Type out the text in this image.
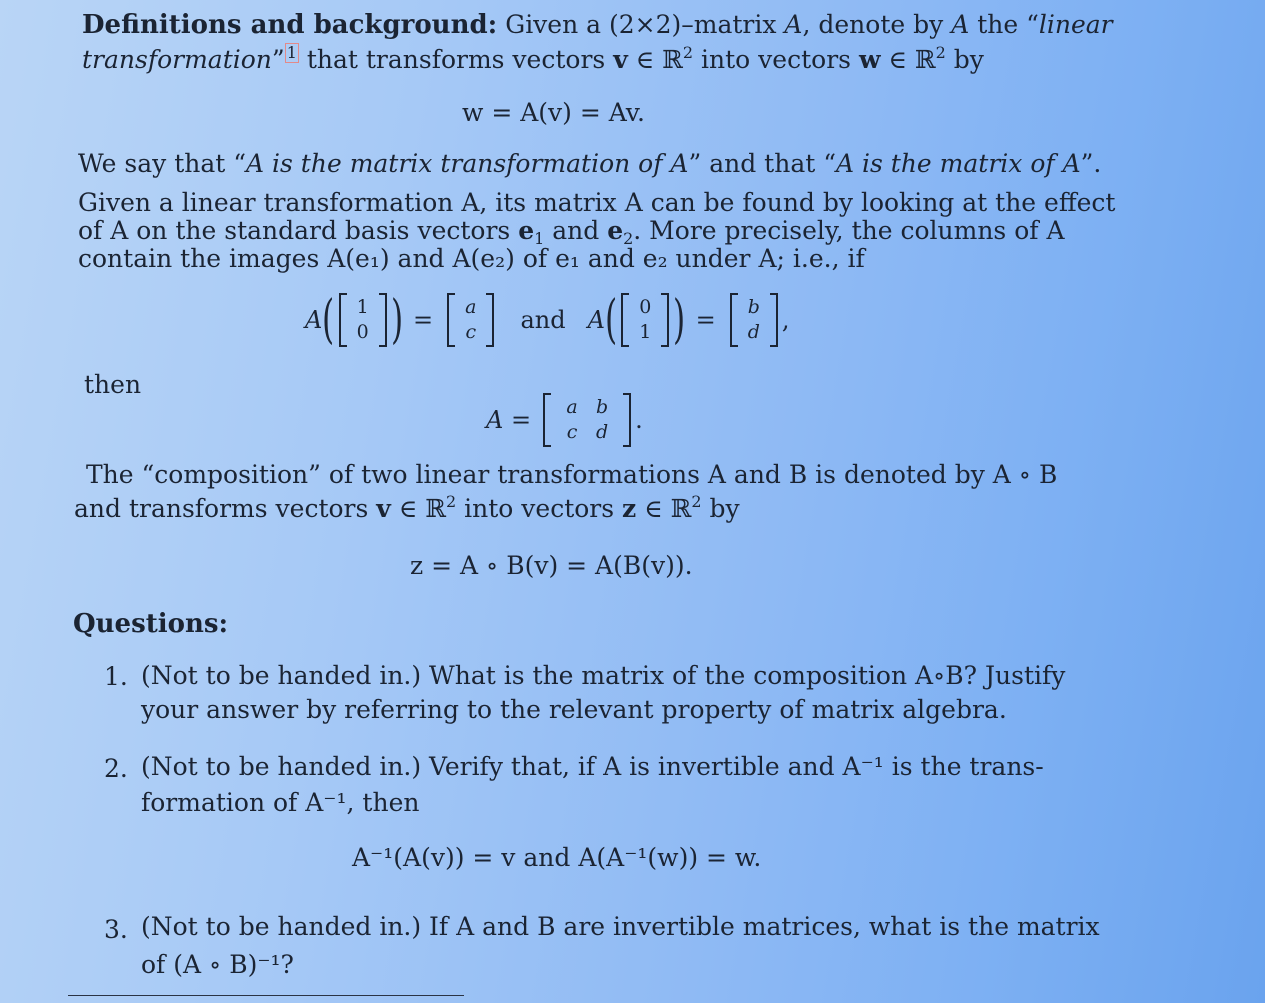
Definitions and background: Given a (2×2)–matrix A, denote by A the “linear
transformation” 1 that transforms vectors v ∈ ℝ$^2$ into vectors w ∈ ℝ$^2$ by
w = A(v) = Av.
We say that “A is the matrix transformation of A” and that “A is the matrix of A”.
Given a linear transformation A, its matrix A can be found by looking at the effect
of A on the standard basis vectors $e_1$ and $e_2$. More precisely, the columns of A
contain the images A(e₁) and A(e₂) of e₁ and e₂ under A; i.e., if
A ( 1
0 ) = a
c and A ( 0
1 ) = b
d ,
then
A =	a b
c d	.
The “composition” of two linear transformations A and B is denoted by A ∘ B
and transforms vectors v ∈ ℝ$^2$ into vectors z ∈ ℝ$^2$ by
z = A ∘ B(v) = A(B(v)).
Questions:
1. (Not to be handed in.) What is the matrix of the composition A∘B? Justify
your answer by referring to the relevant property of matrix algebra.
2. (Not to be handed in.) Verify that, if A is invertible and A⁻¹ is the trans-
formation of A⁻¹, then
A⁻¹(A(v)) = v and A(A⁻¹(w)) = w.
3. (Not to be handed in.) If A and B are invertible matrices, what is the matrix
of (A ∘ B)⁻¹?
